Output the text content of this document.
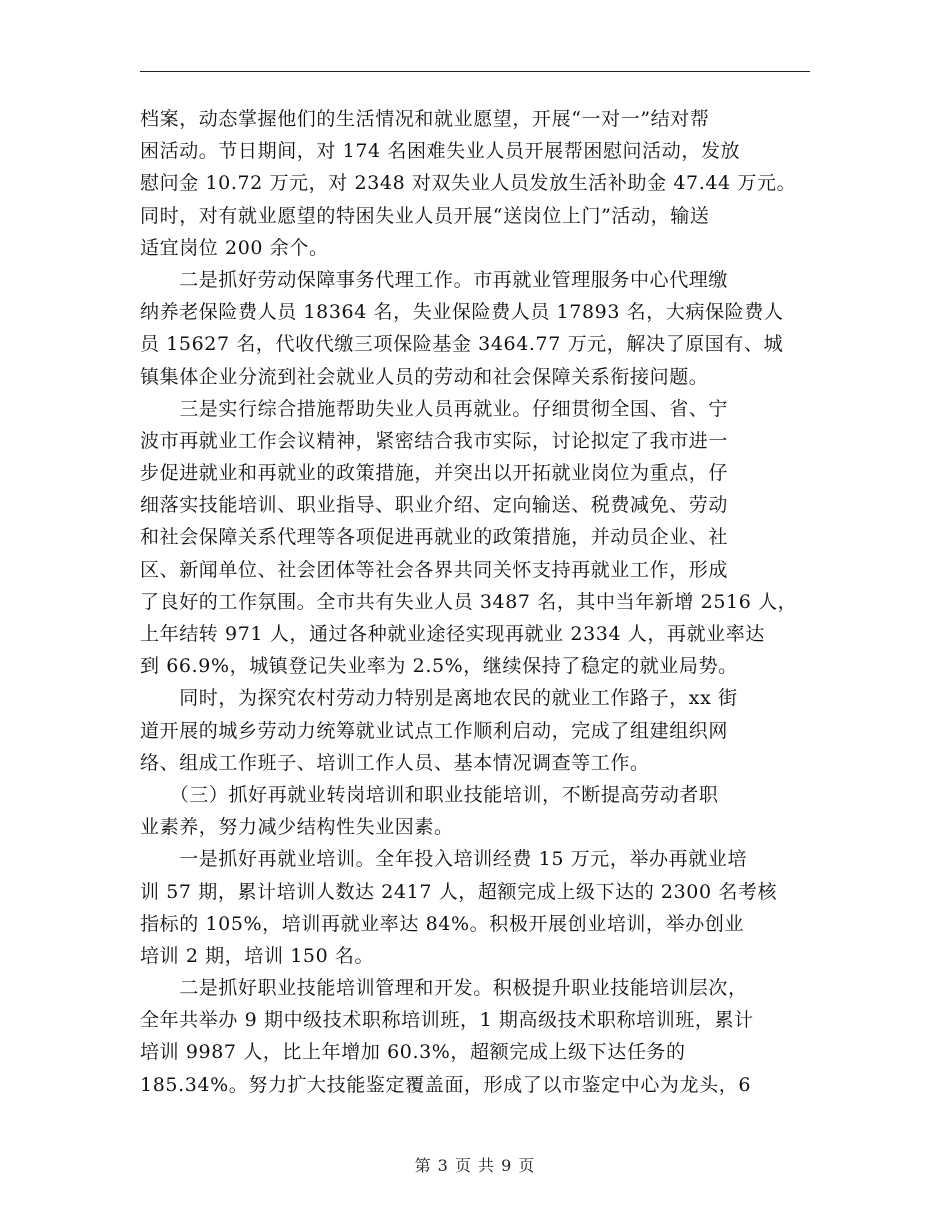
档案，动态掌握他们的生活情况和就业愿望，开展“一对一”结对帮
困活动。节日期间，对 174 名困难失业人员开展帮困慰问活动，发放
慰问金 10.72 万元，对 2348 对双失业人员发放生活补助金 47.44 万元。
同时，对有就业愿望的特困失业人员开展“送岗位上门”活动，输送
适宜岗位 200 余个。
　　二是抓好劳动保障事务代理工作。市再就业管理服务中心代理缴
纳养老保险费人员 18364 名，失业保险费人员 17893 名，大病保险费人
员 15627 名，代收代缴三项保险基金 3464.77 万元，解决了原国有、城
镇集体企业分流到社会就业人员的劳动和社会保障关系衔接问题。
　　三是实行综合措施帮助失业人员再就业。仔细贯彻全国、省、宁
波市再就业工作会议精神，紧密结合我市实际，讨论拟定了我市进一
步促进就业和再就业的政策措施，并突出以开拓就业岗位为重点，仔
细落实技能培训、职业指导、职业介绍、定向输送、税费减免、劳动
和社会保障关系代理等各项促进再就业的政策措施，并动员企业、社
区、新闻单位、社会团体等社会各界共同关怀支持再就业工作，形成
了良好的工作氛围。全市共有失业人员 3487 名，其中当年新增 2516 人，
上年结转 971 人，通过各种就业途径实现再就业 2334 人，再就业率达
到 66.9%，城镇登记失业率为 2.5%，继续保持了稳定的就业局势。
　　同时，为探究农村劳动力特别是离地农民的就业工作路子，xx 街
道开展的城乡劳动力统筹就业试点工作顺利启动，完成了组建组织网
络、组成工作班子、培训工作人员、基本情况调查等工作。
　　（三）抓好再就业转岗培训和职业技能培训，不断提高劳动者职
业素养，努力减少结构性失业因素。
　　一是抓好再就业培训。全年投入培训经费 15 万元，举办再就业培
训 57 期，累计培训人数达 2417 人，超额完成上级下达的 2300 名考核
指标的 105%，培训再就业率达 84%。积极开展创业培训，举办创业
培训 2 期，培训 150 名。
　　二是抓好职业技能培训管理和开发。积极提升职业技能培训层次，
全年共举办 9 期中级技术职称培训班，1 期高级技术职称培训班，累计
培训 9987 人，比上年增加 60.3%，超额完成上级下达任务的
185.34%。努力扩大技能鉴定覆盖面，形成了以市鉴定中心为龙头，6
第 3 页 共 9 页
